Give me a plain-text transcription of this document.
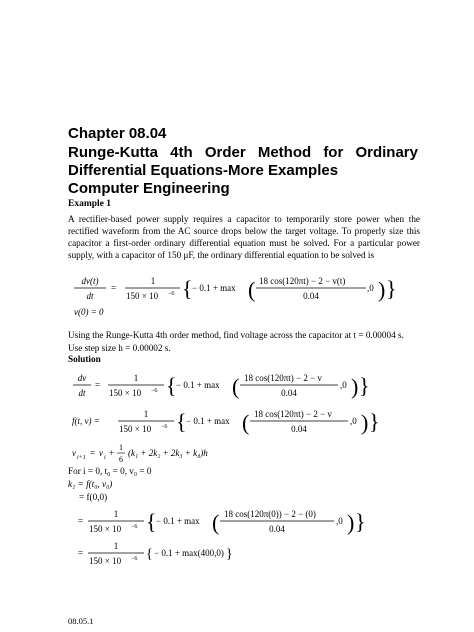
Chapter 08.04
Runge-Kutta 4th Order Method for Ordinary
Differential Equations-More Examples
Computer Engineering
Example 1
A rectifier-based power supply requires a capacitor to temporarily store power when the rectified waveform from the AC source drops below the target voltage. To properly size this capacitor a first-order ordinary differential equation must be solved. For a particular power supply, with a capacitor of 150 μF, the ordinary differential equation to be solved is
dv(t)
dt
=
1
150 × 10 −6 { − 0.1 + max ( 18 cos(120πt) − 2 − v(t)
0.04
,0 ) }
v(0) = 0
Using the Runge-Kutta 4th order method, find voltage across the capacitor at t = 0.00004 s.
Use step size h = 0.00002 s.
Solution
dv
dt
=
1
150 × 10 −6 { − 0.1 + max ( 18 cos(120πt) − 2 − v
0.04
,0 ) }
f(t, v) =
1
150 × 10 −6 { − 0.1 + max ( 18 cos(120πt) − 2 − v
0.04
,0 ) }
v i+1 = v i +
1
6
(k₁ + 2k₂ + 2k₃ + k₄)h
For i = 0, t₀ = 0, v₀ = 0
k₁ = f(t₀, v₀)
= f(0,0)
=
1
150 × 10 −6 { − 0.1 + max ( 18 cos(120π(0)) − 2 − (0)
0.04
,0 ) }
=
1
150 × 10 −6 { − 0.1 + max(400,0) }
08.05.1
